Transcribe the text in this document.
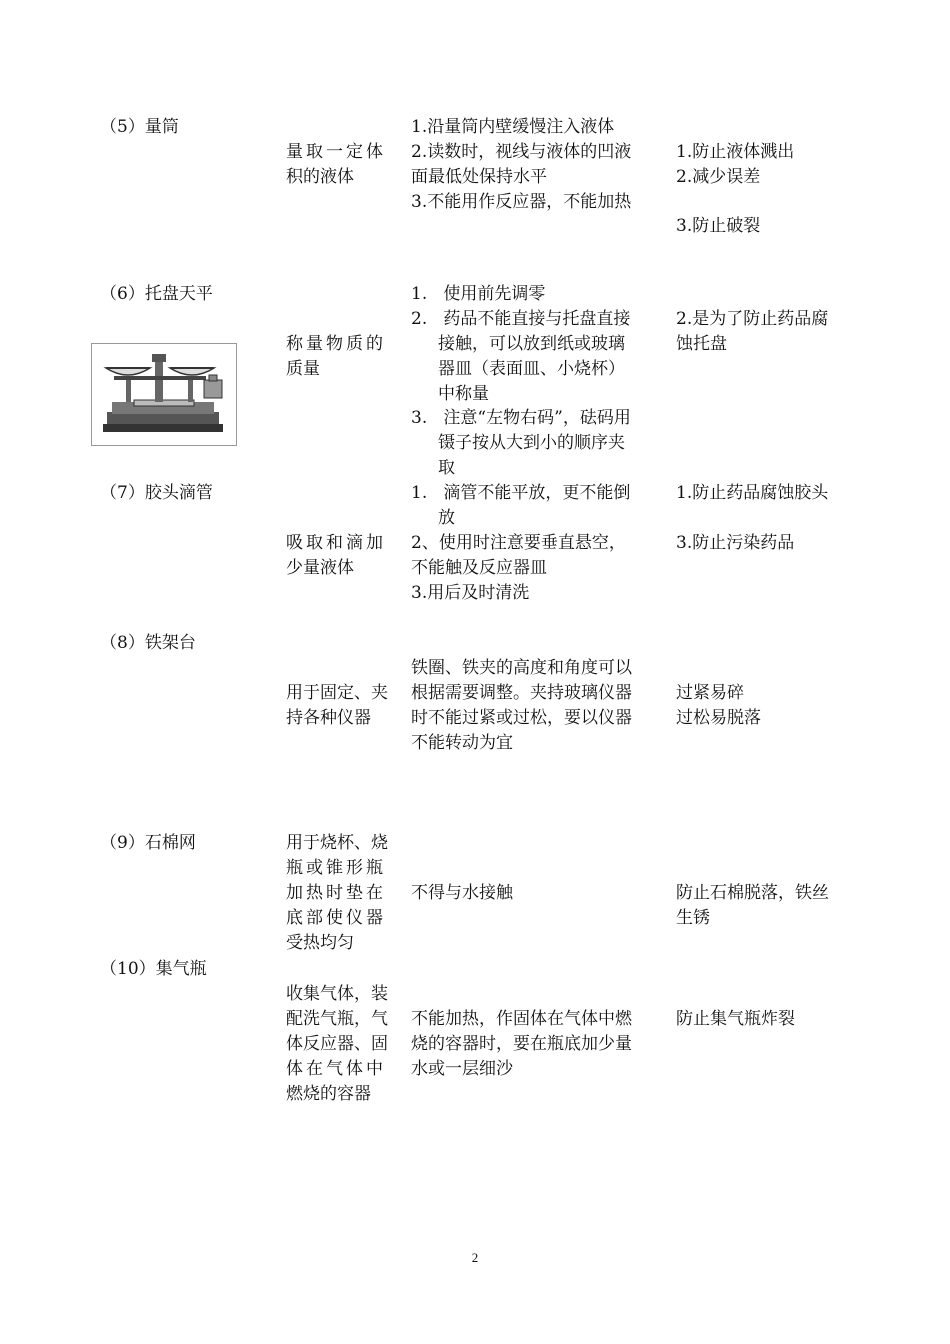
（5）量筒
量取一定体
积的液体
1.沿量筒内壁缓慢注入液体
2.读数时，视线与液体的凹液
面最低处保持水平
3.不能用作反应器，不能加热
1.防止液体溅出
2.减少误差
3.防止破裂
（6）托盘天平
称量物质的
质量
1.   使用前先调零
2.   药品不能直接与托盘直接
接触，可以放到纸或玻璃
器皿（表面皿、小烧杯）
中称量
3.   注意“左物右码”，砝码用
镊子按从大到小的顺序夹
取
2.是为了防止药品腐
蚀托盘
（7）胶头滴管
吸取和滴加
少量液体
1.   滴管不能平放，更不能倒
放
2、使用时注意要垂直悬空，
不能触及反应器皿
3.用后及时清洗
1.防止药品腐蚀胶头
3.防止污染药品
（8）铁架台
用于固定、夹
持各种仪器
铁圈、铁夹的高度和角度可以
根据需要调整。夹持玻璃仪器
时不能过紧或过松，要以仪器
不能转动为宜
过紧易碎
过松易脱落
（9）石棉网	用于烧杯、烧
瓶或锥形瓶
加热时垫在
底部使仪器
受热均匀
不得与水接触	防止石棉脱落，铁丝
生锈
（10）集气瓶
收集气体，装
配洗气瓶，气
体反应器、固
体在气体中
燃烧的容器
不能加热，作固体在气体中燃
烧的容器时，要在瓶底加少量
水或一层细沙
防止集气瓶炸裂
2
